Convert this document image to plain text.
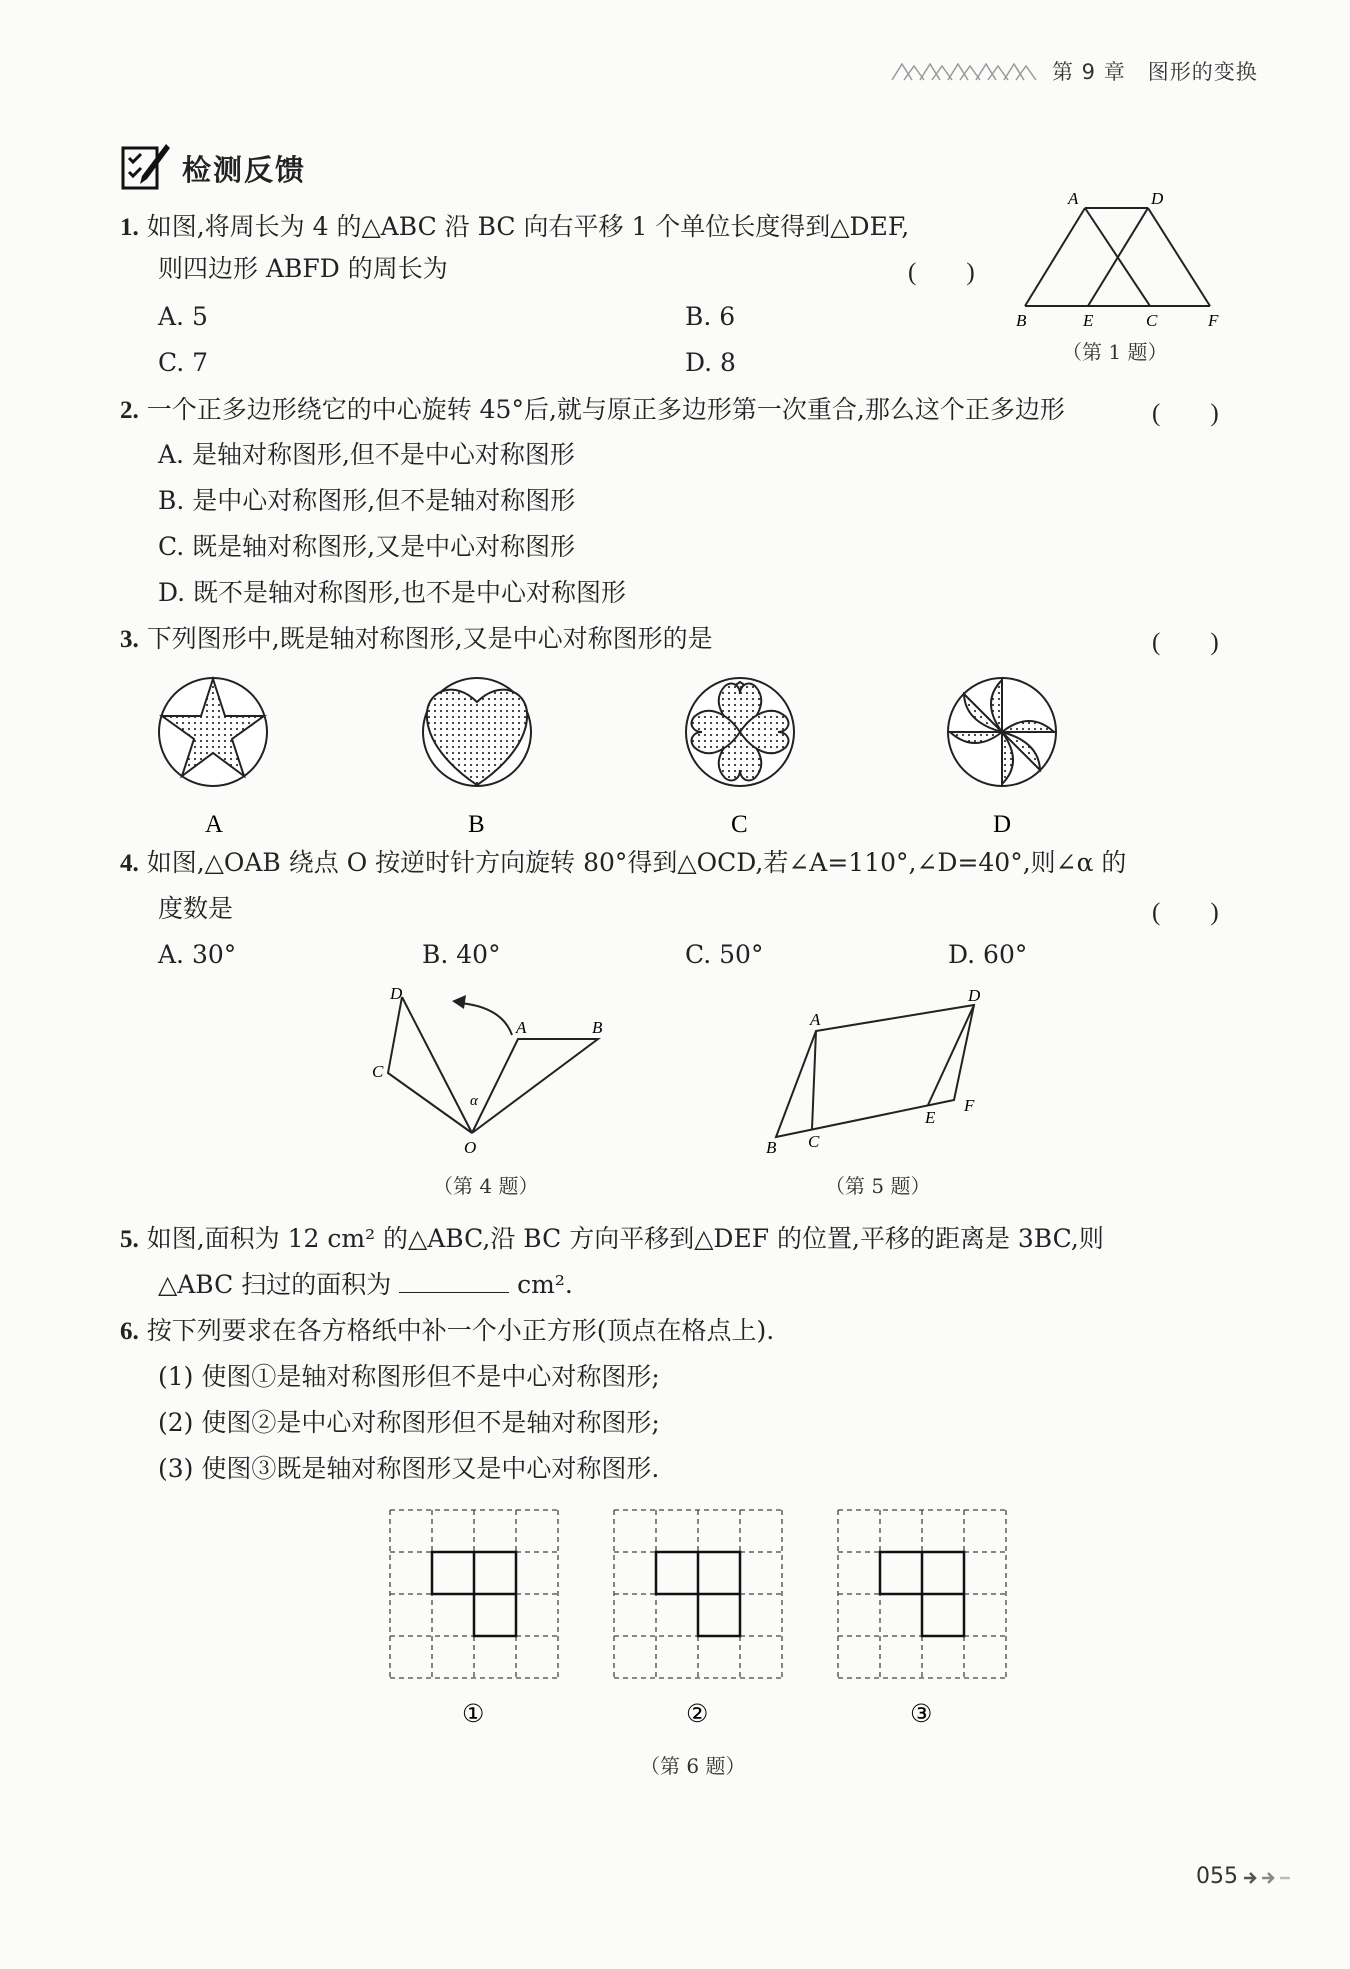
第 9 章　图形的变换
检测反馈
1. 如图,将周长为 4 的△ABC 沿 BC 向右平移 1 个单位长度得到△DEF,
则四边形 ABFD 的周长为	(　　)
A. 5	B. 6
C. 7	D. 8
A	D
B	E	C	F
（第 1 题）
2. 一个正多边形绕它的中心旋转 45°后,就与原正多边形第一次重合,那么这个正多边形	(　　)
A. 是轴对称图形,但不是中心对称图形
B. 是中心对称图形,但不是轴对称图形
C. 既是轴对称图形,又是中心对称图形
D. 既不是轴对称图形,也不是中心对称图形
3. 下列图形中,既是轴对称图形,又是中心对称图形的是	(　　)
A	B	C	D
4. 如图,△OAB 绕点 O 按逆时针方向旋转 80°得到△OCD,若∠A=110°,∠D=40°,则∠α 的
度数是	(　　)
A. 30°	B. 40°	C. 50°	D. 60°
D
A	B
C
α
O
（第 4 题）
A
D
B C
E
F
（第 5 题）
5. 如图,面积为 12 cm² 的△ABC,沿 BC 方向平移到△DEF 的位置,平移的距离是 3BC,则
△ABC 扫过的面积为	cm².
6. 按下列要求在各方格纸中补一个小正方形(顶点在格点上).
(1) 使图①是轴对称图形但不是中心对称图形;
(2) 使图②是中心对称图形但不是轴对称图形;
(3) 使图③既是轴对称图形又是中心对称图形.
①	②	③
（第 6 题）
055
